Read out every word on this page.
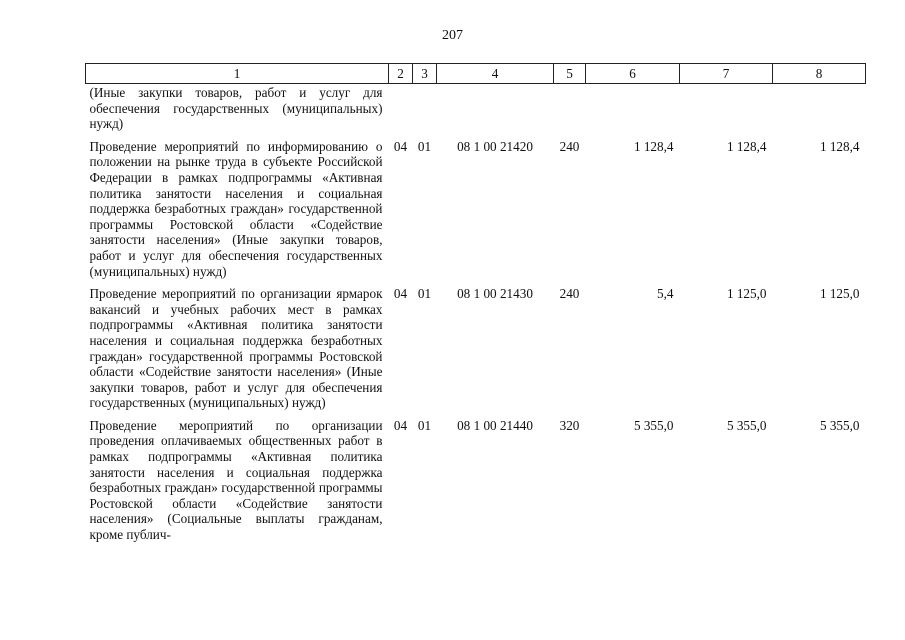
207
1	2	3	4	5	6	7	8
(Иные закупки товаров, работ и услуг для обеспечения государственных (муниципальных) нужд)							
Проведение мероприятий по информированию о положении на рынке труда в субъекте Российской Федерации в рамках подпрограммы «Активная политика занятости населения и социальная поддержка безработных граждан» государственной программы Ростовской области «Содействие занятости населения» (Иные закупки товаров, работ и услуг для обеспечения государственных (муниципальных) нужд)	04	01	08 1 00 21420	240	1 128,4	1 128,4	1 128,4
Проведение мероприятий по организации ярмарок вакансий и учебных рабочих мест в рамках подпрограммы «Активная политика занятости населения и социальная поддержка безработных граждан» государственной программы Ростовской области «Содействие занятости населения» (Иные закупки товаров, работ и услуг для обеспечения государственных (муниципальных) нужд)	04	01	08 1 00 21430	240	5,4	1 125,0	1 125,0
Проведение мероприятий по организации проведения оплачиваемых общественных работ в рамках подпрограммы «Активная политика занятости населения и социальная поддержка безработных граждан» государственной программы Ростовской области «Содействие занятости населения» (Социальные выплаты гражданам, кроме публич-	04	01	08 1 00 21440	320	5 355,0	5 355,0	5 355,0
